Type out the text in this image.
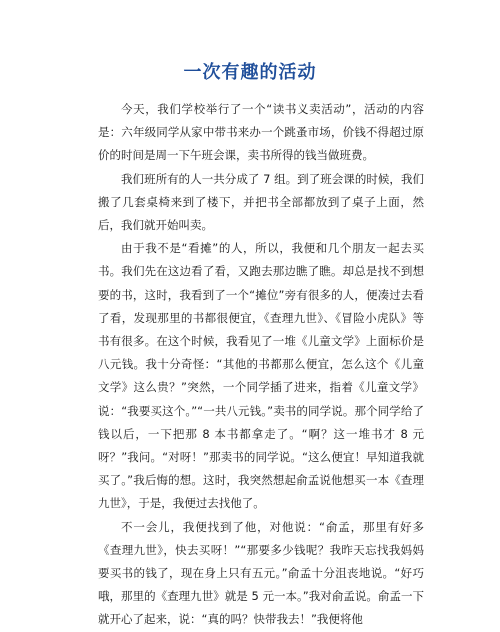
一次有趣的活动

今天，我们学校举行了一个“读书义卖活动”，活动的内容是：六年级同学从家中带书来办一个跳蚤市场，价钱不得超过原价的时间是周一下午班会课，卖书所得的钱当做班费。

我们班所有的人一共分成了 7 组。到了班会课的时候，我们搬了几套桌椅来到了楼下，并把书全部都放到了桌子上面，然后，我们就开始叫卖。

由于我不是“看摊”的人，所以，我便和几个朋友一起去买书。我们先在这边看了看，又跑去那边瞧了瞧。却总是找不到想要的书，这时，我看到了一个“摊位”旁有很多的人，便凑过去看了看，发现那里的书都很便宜，《查理九世》、《冒险小虎队》等书有很多。在这个时候，我看见了一堆《儿童文学》上面标价是八元钱。我十分奇怪：“其他的书都那么便宜，怎么这个《儿童文学》这么贵？”突然，一个同学插了进来，指着《儿童文学》说：“我要买这个。”“一共八元钱。”卖书的同学说。那个同学给了钱以后，一下把那 8 本书都拿走了。“啊？这一堆书才 8 元呀？”我问。“对呀！”那卖书的同学说。“这么便宜！早知道我就买了。”我后悔的想。这时，我突然想起俞孟说他想买一本《查理九世》，于是，我便过去找他了。

不一会儿，我便找到了他，对他说：“俞孟，那里有好多《查理九世》，快去买呀！”“那要多少钱呢？我昨天忘找我妈妈要买书的钱了，现在身上只有五元。”俞孟十分沮丧地说。“好巧哦，那里的《查理九世》就是 5 元一本。”我对俞孟说。俞孟一下就开心了起来，说：“真的吗？快带我去！”我便将他
